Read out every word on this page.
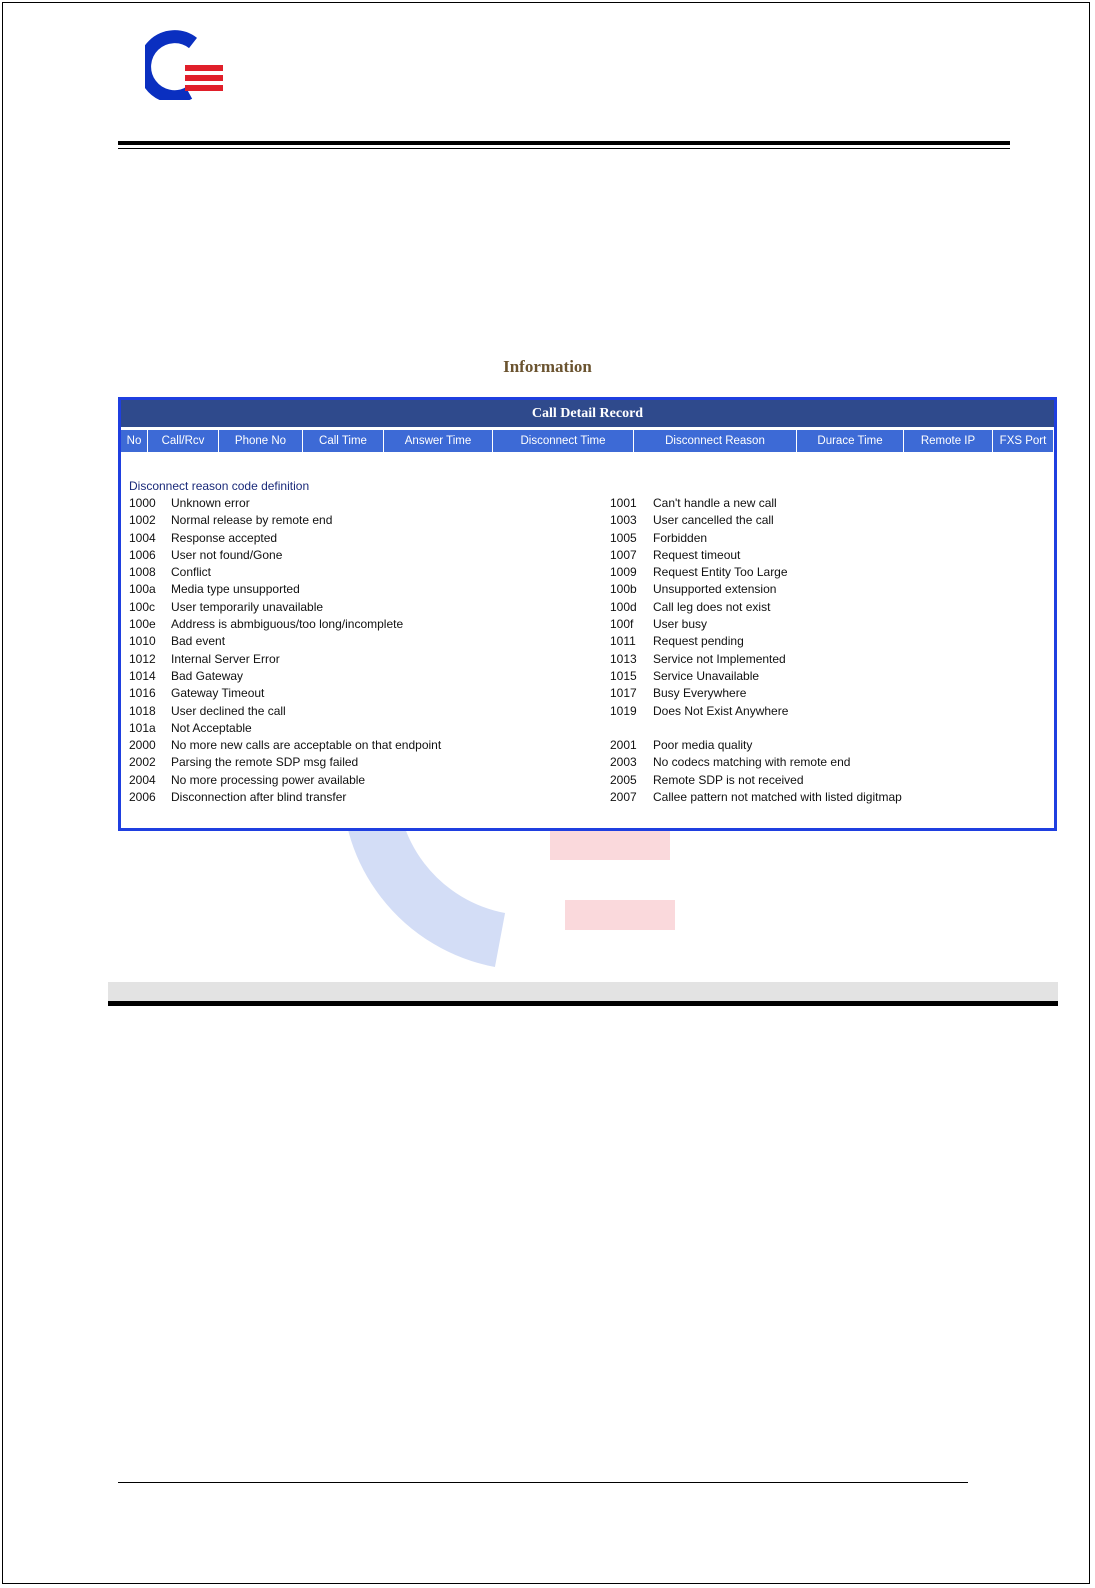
Information
Call Detail Record
No	Call/Rcv	Phone No	Call Time	Answer Time	Disconnect Time	Disconnect Reason	Durace Time	Remote IP	FXS Port
Disconnect reason code definition
1000 Unknown error	1001 Can't handle a new call
1002 Normal release by remote end	1003 User cancelled the call
1004 Response accepted	1005 Forbidden
1006 User not found/Gone	1007 Request timeout
1008 Conflict	1009 Request Entity Too Large
100a Media type unsupported	100b Unsupported extension
100c User temporarily unavailable	100d Call leg does not exist
100e Address is abmbiguous/too long/incomplete	100f User busy
1010 Bad event	1011 Request pending
1012 Internal Server Error	1013 Service not Implemented
1014 Bad Gateway	1015 Service Unavailable
1016 Gateway Timeout	1017 Busy Everywhere
1018 User declined the call	1019 Does Not Exist Anywhere
101a Not Acceptable
2000 No more new calls are acceptable on that endpoint	2001 Poor media quality
2002 Parsing the remote SDP msg failed	2003 No codecs matching with remote end
2004 No more processing power available	2005 Remote SDP is not received
2006 Disconnection after blind transfer	2007 Callee pattern not matched with listed digitmap
